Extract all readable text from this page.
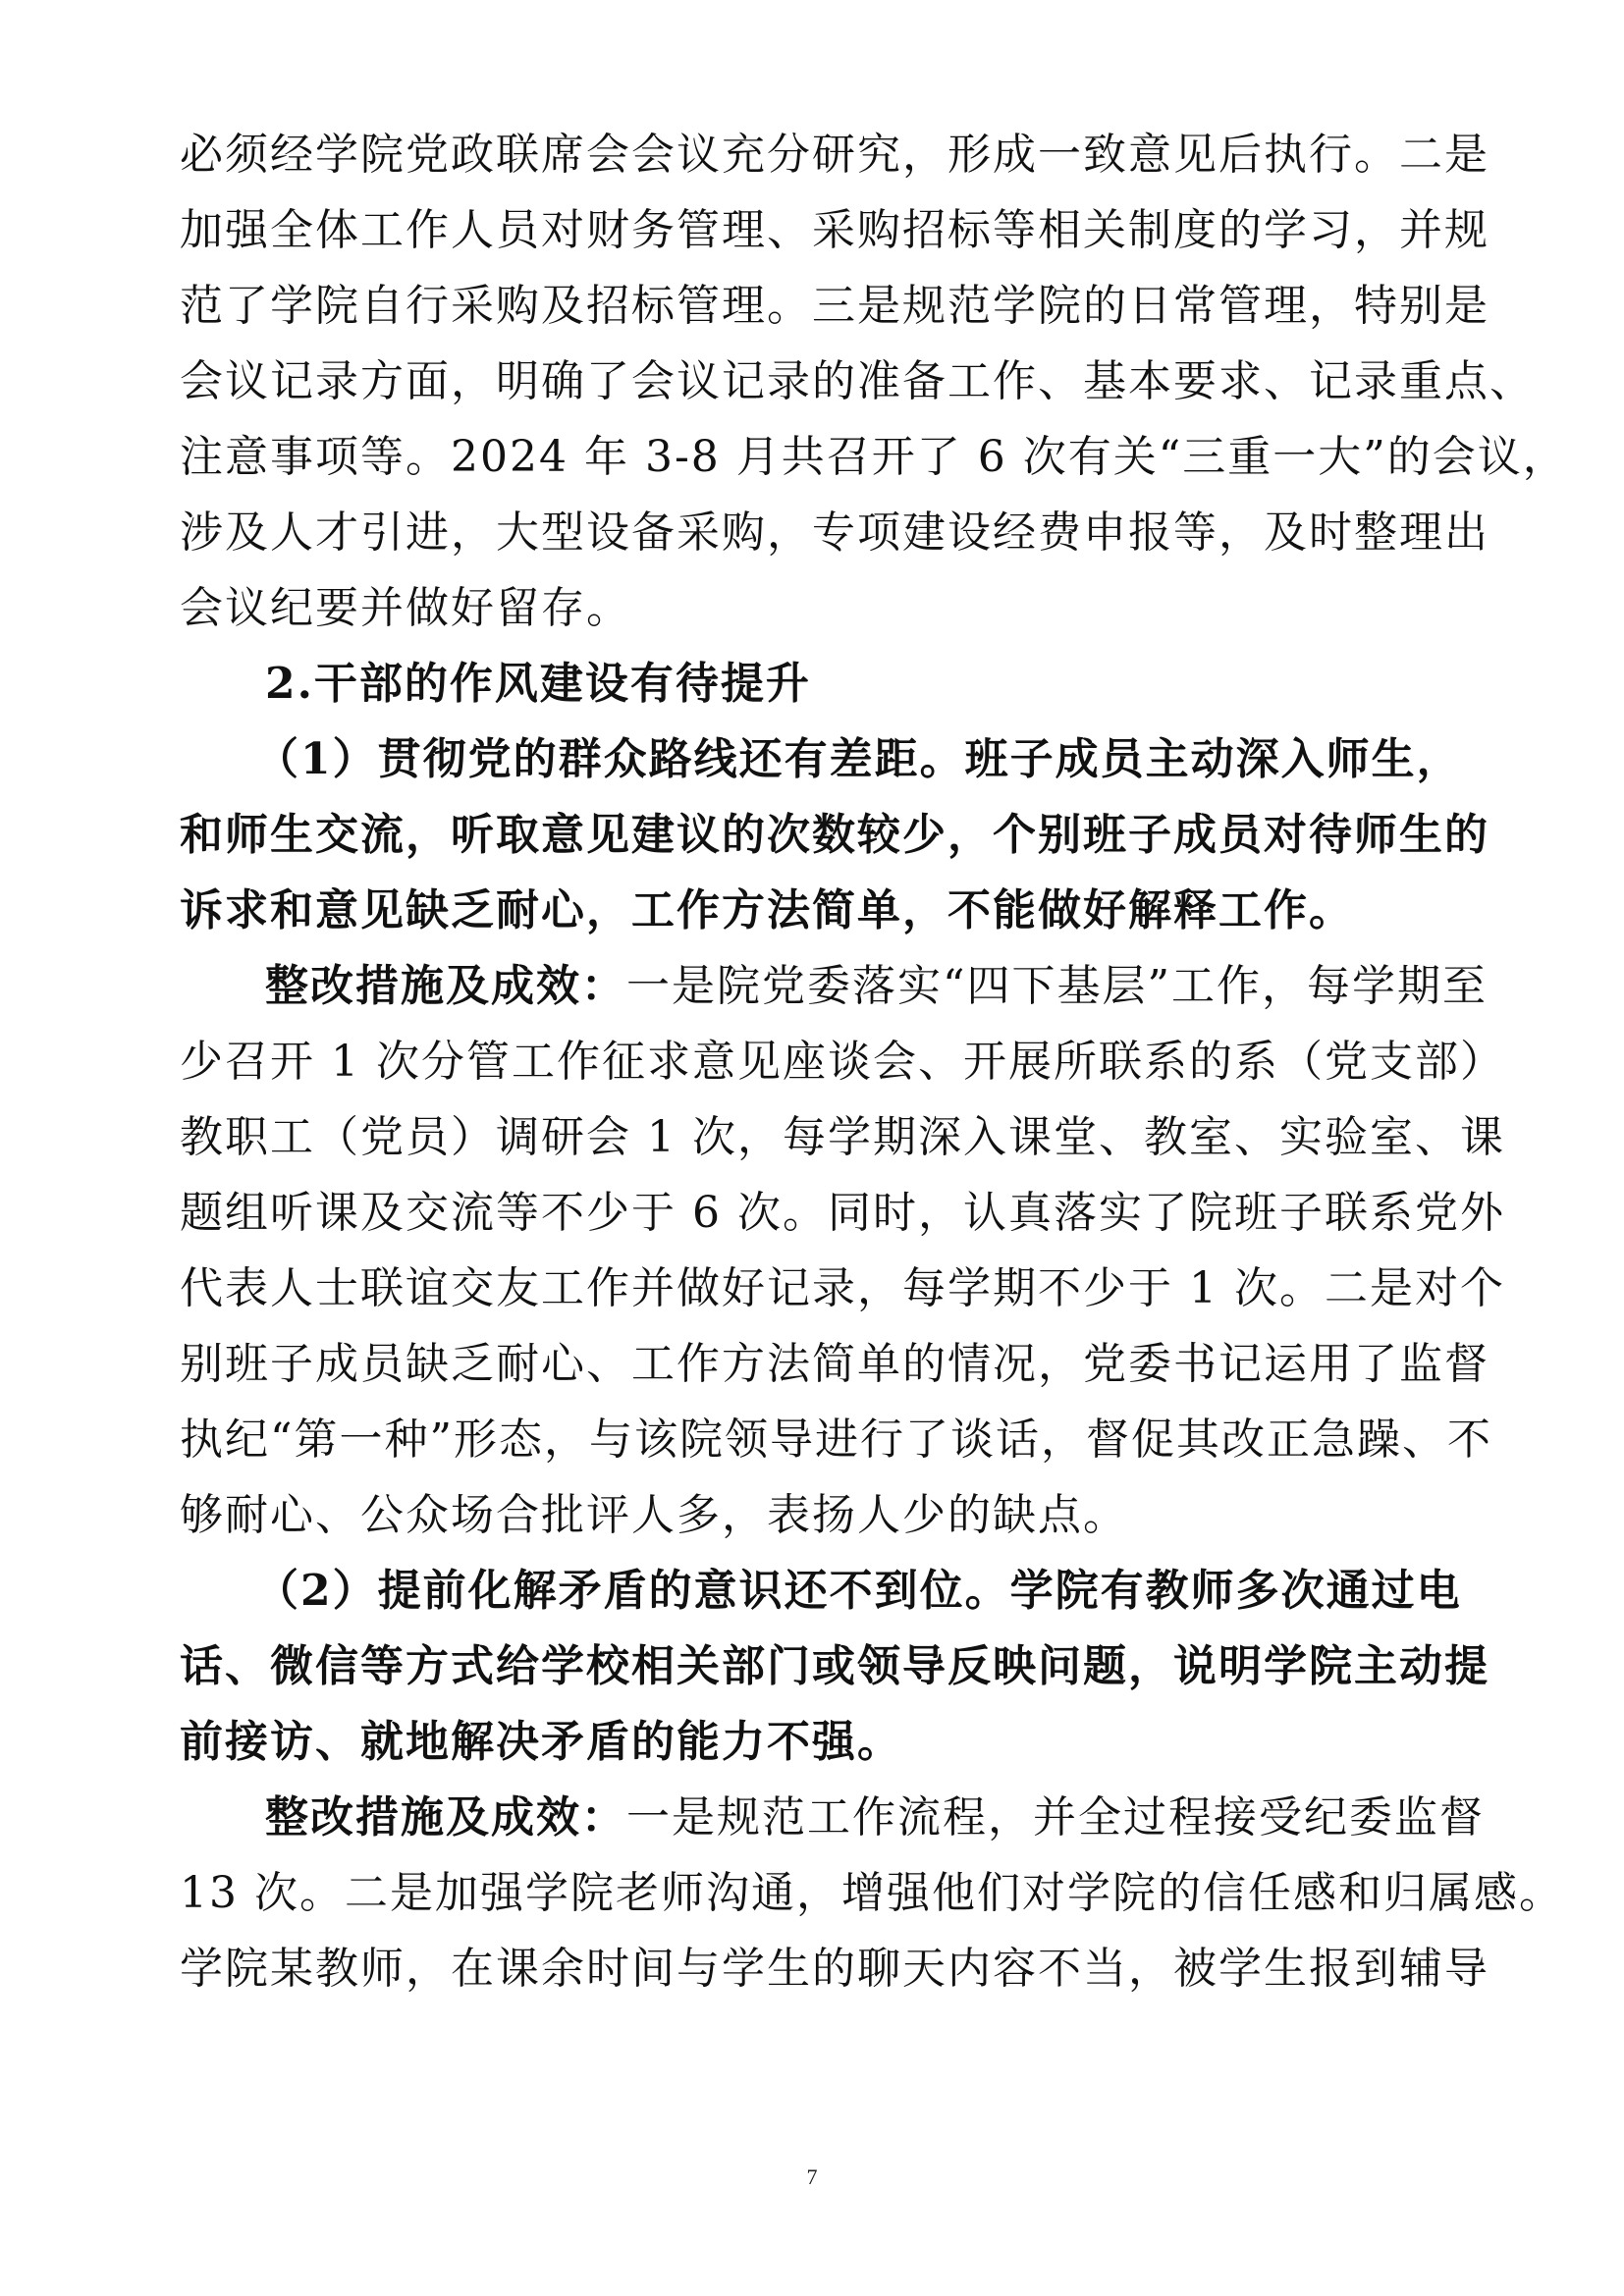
必须经学院党政联席会会议充分研究，形成一致意见后执行。二是
加强全体工作人员对财务管理、采购招标等相关制度的学习，并规
范了学院自行采购及招标管理。三是规范学院的日常管理，特别是
会议记录方面，明确了会议记录的准备工作、基本要求、记录重点、
注意事项等。2024 年 3-8 月共召开了 6 次有关“三重一大”的会议，
涉及人才引进，大型设备采购，专项建设经费申报等，及时整理出
会议纪要并做好留存。
2.干部的作风建设有待提升
（1）贯彻党的群众路线还有差距。班子成员主动深入师生，
和师生交流，听取意见建议的次数较少，个别班子成员对待师生的
诉求和意见缺乏耐心，工作方法简单，不能做好解释工作。
整改措施及成效：一是院党委落实“四下基层”工作，每学期至
少召开 1 次分管工作征求意见座谈会、开展所联系的系（党支部）
教职工（党员）调研会 1 次，每学期深入课堂、教室、实验室、课
题组听课及交流等不少于 6 次。同时，认真落实了院班子联系党外
代表人士联谊交友工作并做好记录，每学期不少于 1 次。二是对个
别班子成员缺乏耐心、工作方法简单的情况，党委书记运用了监督
执纪“第一种”形态，与该院领导进行了谈话，督促其改正急躁、不
够耐心、公众场合批评人多，表扬人少的缺点。
（2）提前化解矛盾的意识还不到位。学院有教师多次通过电
话、微信等方式给学校相关部门或领导反映问题，说明学院主动提
前接访、就地解决矛盾的能力不强。
整改措施及成效：一是规范工作流程，并全过程接受纪委监督
13 次。二是加强学院老师沟通，增强他们对学院的信任感和归属感。
学院某教师，在课余时间与学生的聊天内容不当，被学生报到辅导
7
